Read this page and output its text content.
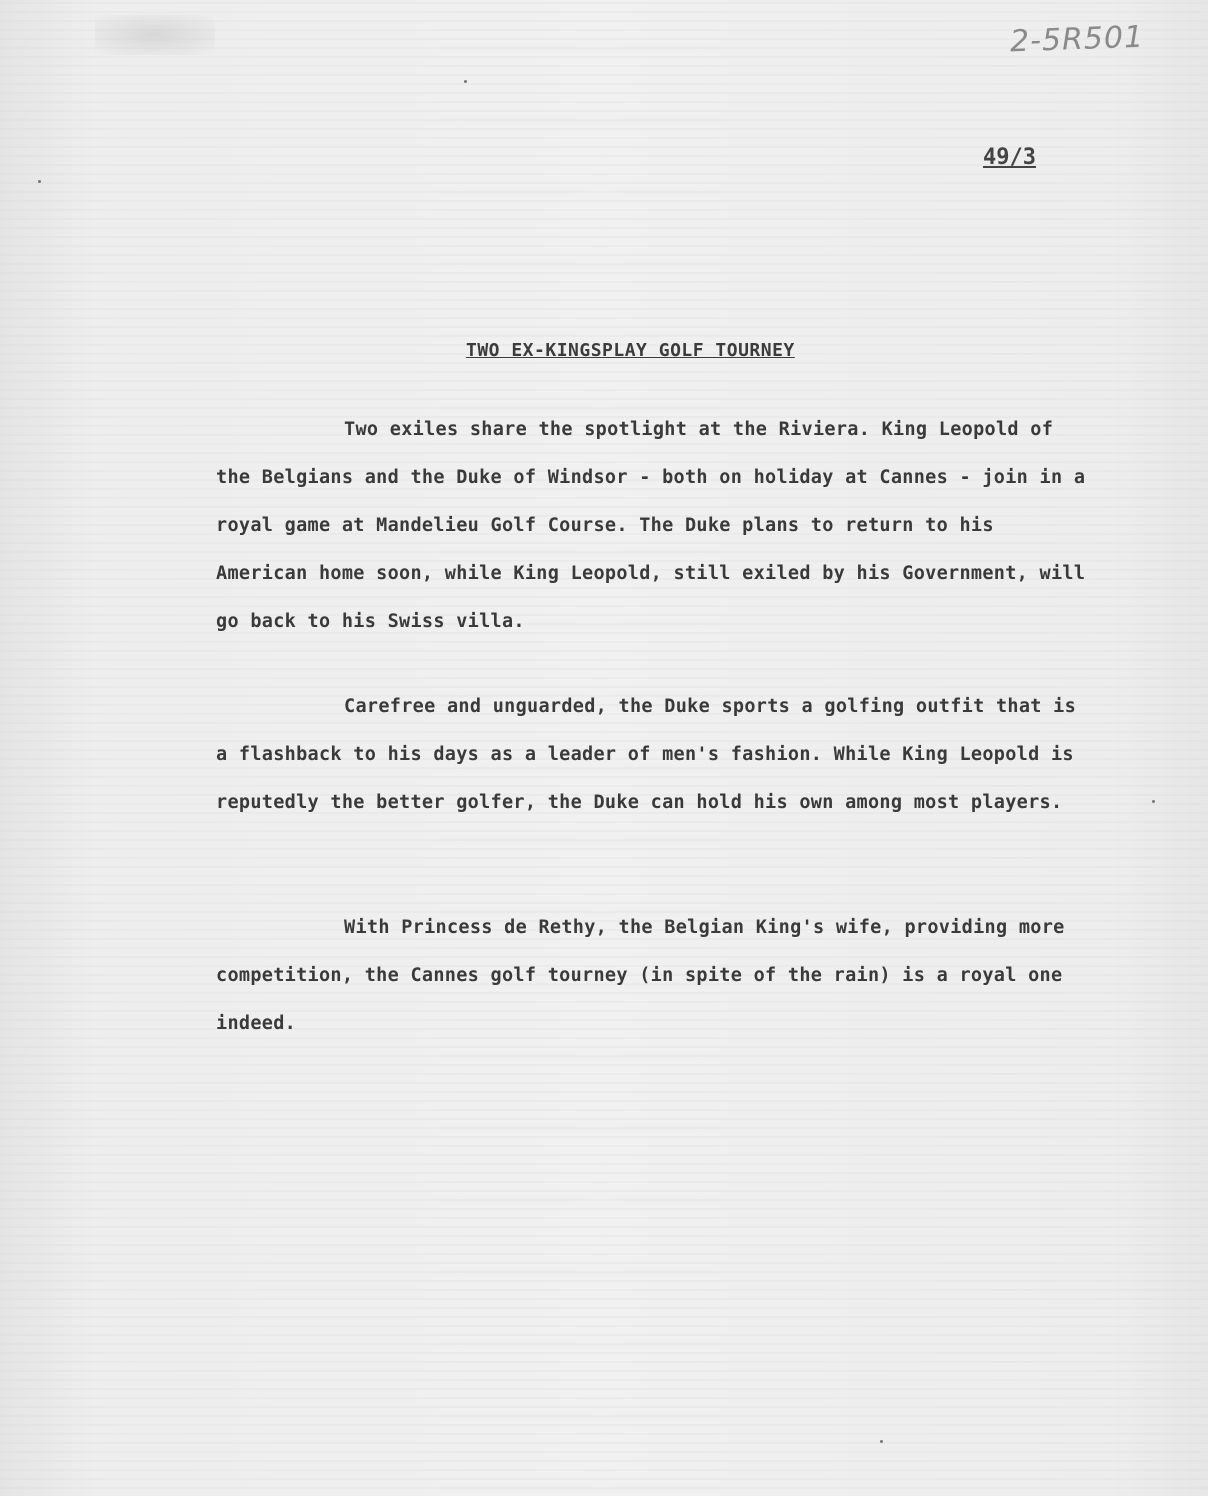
2-5R501
49/3
TWO EX-KINGSPLAY GOLF TOURNEY

Two exiles share the spotlight at the Riviera. King Leopold of the Belgians and the Duke of Windsor - both on holiday at Cannes - join in a royal game at Mandelieu Golf Course. The Duke plans to return to his American home soon, while King Leopold, still exiled by his Government, will go back to his Swiss villa.

Carefree and unguarded, the Duke sports a golfing outfit that is a flashback to his days as a leader of men's fashion. While King Leopold is reputedly the better golfer, the Duke can hold his own among most players.

With Princess de Rethy, the Belgian King's wife, providing more competition, the Cannes golf tourney (in spite of the rain) is a royal one indeed.
